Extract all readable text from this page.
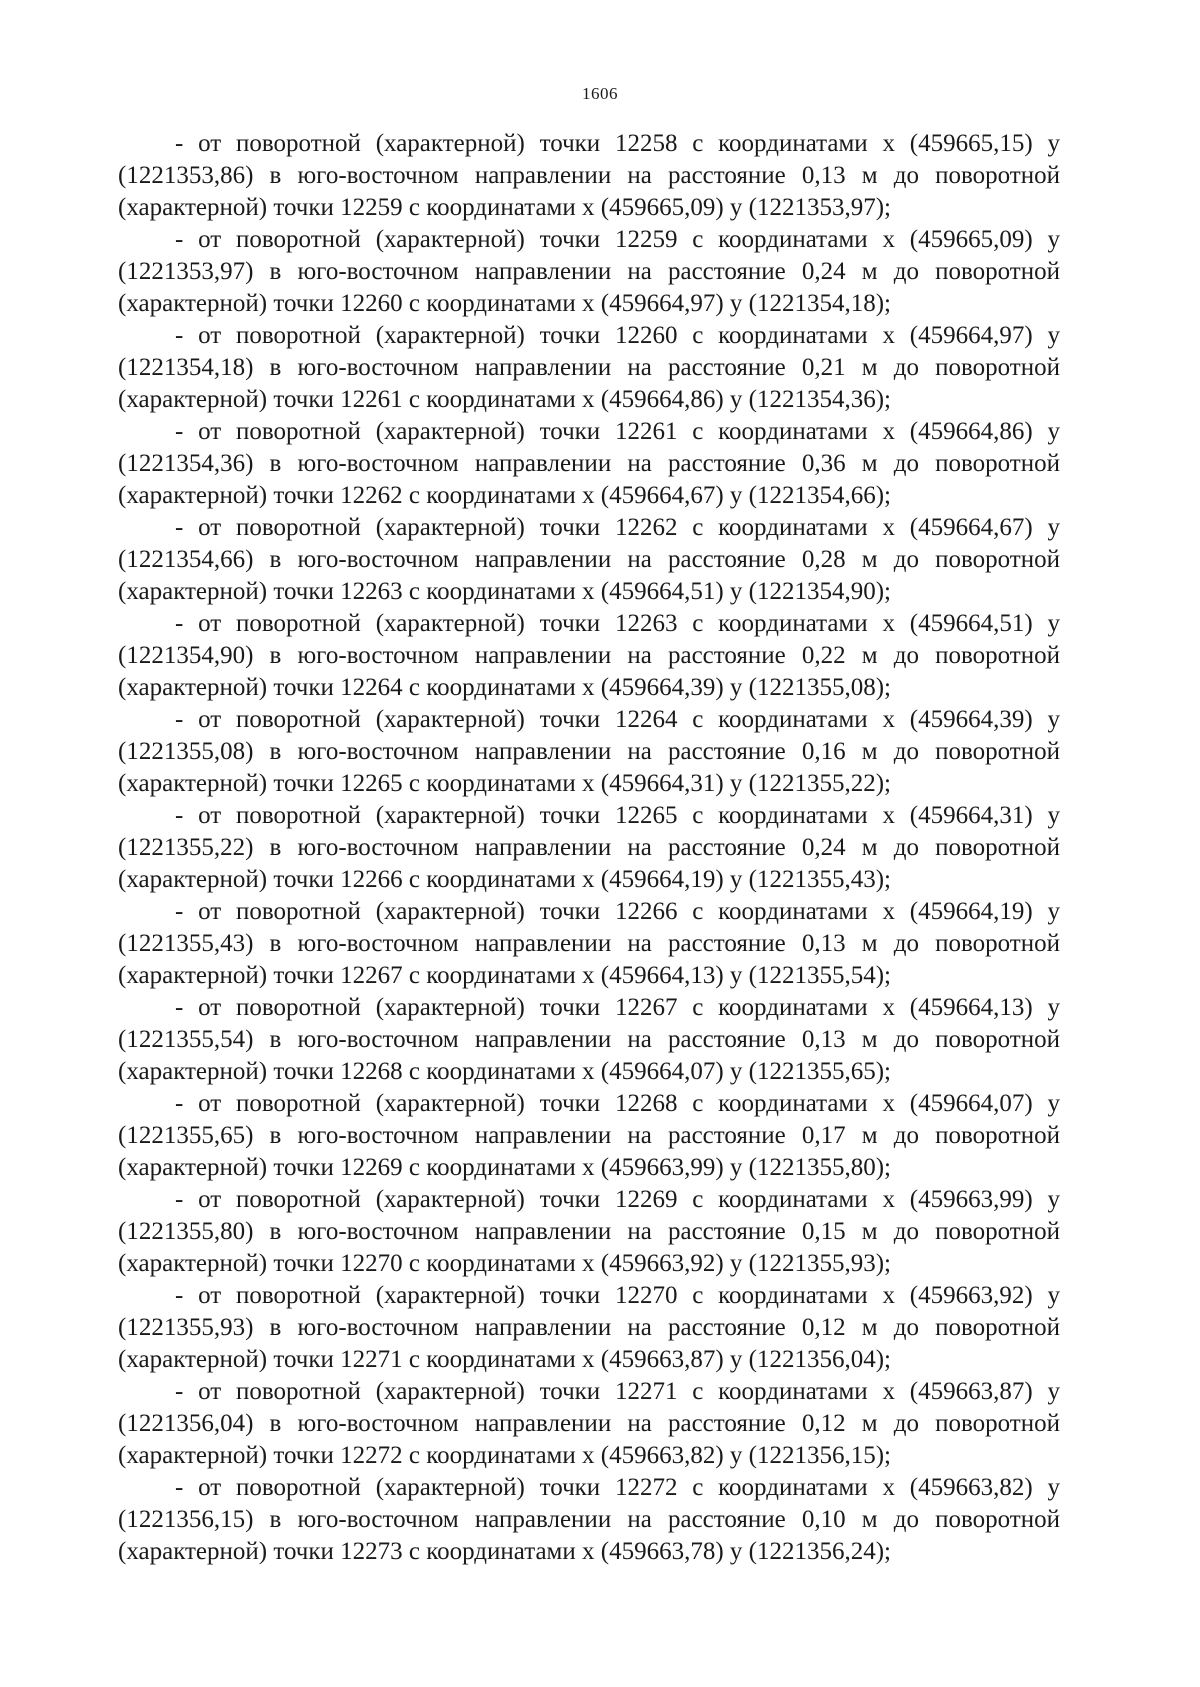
1606

- от поворотной (характерной) точки 12258 с координатами x (459665,15) y (1221353,86) в юго-восточном направлении на расстояние 0,13 м до поворотной (характерной) точки 12259 с координатами x (459665,09) y (1221353,97);

- от поворотной (характерной) точки 12259 с координатами x (459665,09) y (1221353,97) в юго-восточном направлении на расстояние 0,24 м до поворотной (характерной) точки 12260 с координатами x (459664,97) y (1221354,18);

- от поворотной (характерной) точки 12260 с координатами x (459664,97) y (1221354,18) в юго-восточном направлении на расстояние 0,21 м до поворотной (характерной) точки 12261 с координатами x (459664,86) y (1221354,36);

- от поворотной (характерной) точки 12261 с координатами x (459664,86) y (1221354,36) в юго-восточном направлении на расстояние 0,36 м до поворотной (характерной) точки 12262 с координатами x (459664,67) y (1221354,66);

- от поворотной (характерной) точки 12262 с координатами x (459664,67) y (1221354,66) в юго-восточном направлении на расстояние 0,28 м до поворотной (характерной) точки 12263 с координатами x (459664,51) y (1221354,90);

- от поворотной (характерной) точки 12263 с координатами x (459664,51) y (1221354,90) в юго-восточном направлении на расстояние 0,22 м до поворотной (характерной) точки 12264 с координатами x (459664,39) y (1221355,08);

- от поворотной (характерной) точки 12264 с координатами x (459664,39) y (1221355,08) в юго-восточном направлении на расстояние 0,16 м до поворотной (характерной) точки 12265 с координатами x (459664,31) y (1221355,22);

- от поворотной (характерной) точки 12265 с координатами x (459664,31) y (1221355,22) в юго-восточном направлении на расстояние 0,24 м до поворотной (характерной) точки 12266 с координатами x (459664,19) y (1221355,43);

- от поворотной (характерной) точки 12266 с координатами x (459664,19) y (1221355,43) в юго-восточном направлении на расстояние 0,13 м до поворотной (характерной) точки 12267 с координатами x (459664,13) y (1221355,54);

- от поворотной (характерной) точки 12267 с координатами x (459664,13) y (1221355,54) в юго-восточном направлении на расстояние 0,13 м до поворотной (характерной) точки 12268 с координатами x (459664,07) y (1221355,65);

- от поворотной (характерной) точки 12268 с координатами x (459664,07) y (1221355,65) в юго-восточном направлении на расстояние 0,17 м до поворотной (характерной) точки 12269 с координатами x (459663,99) y (1221355,80);

- от поворотной (характерной) точки 12269 с координатами x (459663,99) y (1221355,80) в юго-восточном направлении на расстояние 0,15 м до поворотной (характерной) точки 12270 с координатами x (459663,92) y (1221355,93);

- от поворотной (характерной) точки 12270 с координатами x (459663,92) y (1221355,93) в юго-восточном направлении на расстояние 0,12 м до поворотной (характерной) точки 12271 с координатами x (459663,87) y (1221356,04);

- от поворотной (характерной) точки 12271 с координатами x (459663,87) y (1221356,04) в юго-восточном направлении на расстояние 0,12 м до поворотной (характерной) точки 12272 с координатами x (459663,82) y (1221356,15);

- от поворотной (характерной) точки 12272 с координатами x (459663,82) y (1221356,15) в юго-восточном направлении на расстояние 0,10 м до поворотной (характерной) точки 12273 с координатами x (459663,78) y (1221356,24);
